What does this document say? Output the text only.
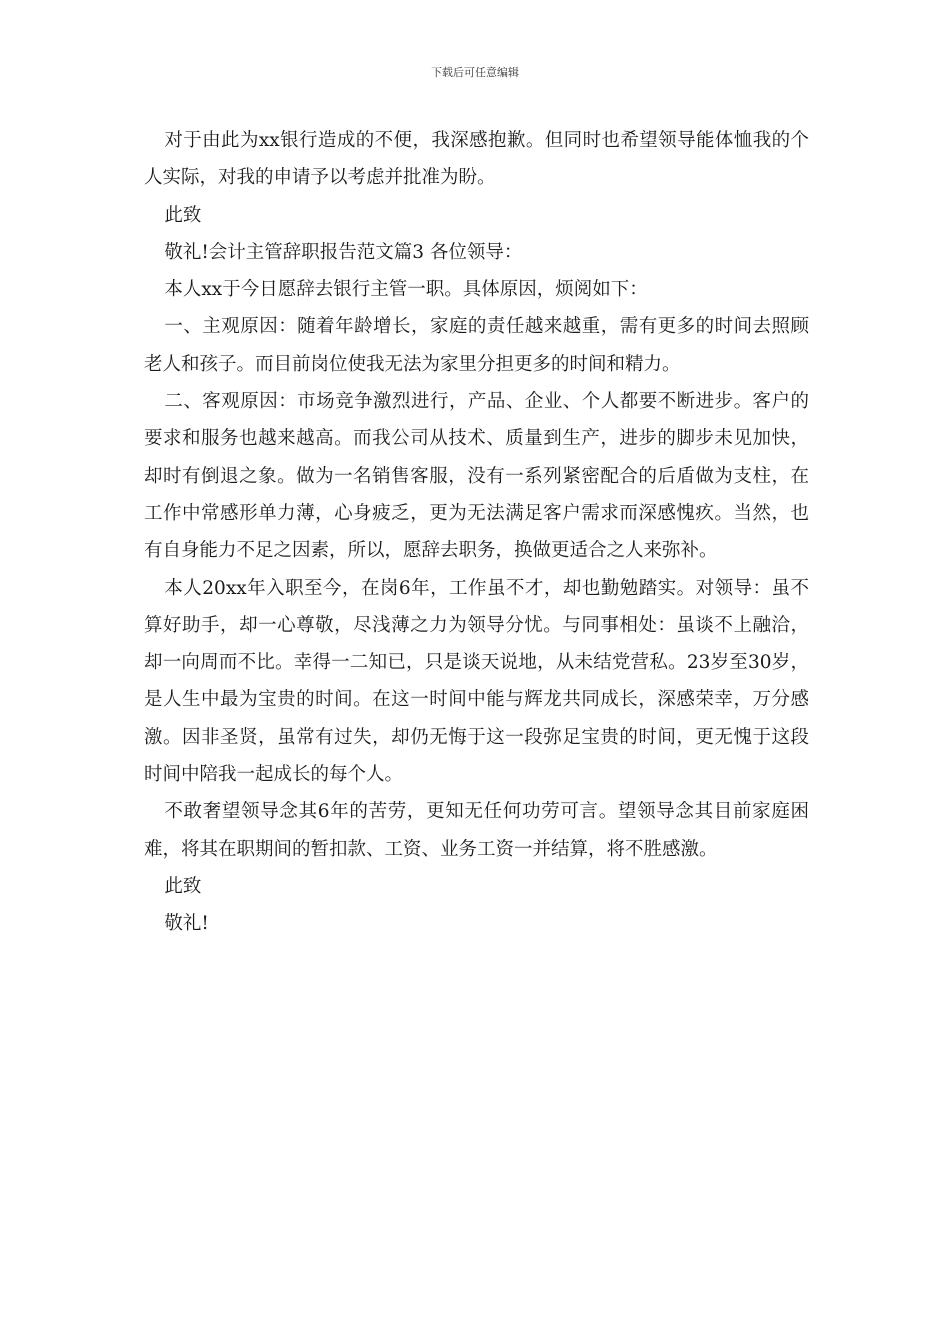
下载后可任意编辑

对于由此为xx银行造成的不便，我深感抱歉。但同时也希望领导能体恤我的个人实际，对我的申请予以考虑并批准为盼。

此致

敬礼!会计主管辞职报告范文篇3 各位领导：

本人xx于今日愿辞去银行主管一职。具体原因，烦阅如下：

一、主观原因：随着年龄增长，家庭的责任越来越重，需有更多的时间去照顾老人和孩子。而目前岗位使我无法为家里分担更多的时间和精力。

二、客观原因：市场竞争激烈进行，产品、企业、个人都要不断进步。客户的要求和服务也越来越高。而我公司从技术、质量到生产，进步的脚步未见加快，却时有倒退之象。做为一名销售客服，没有一系列紧密配合的后盾做为支柱，在工作中常感形单力薄，心身疲乏，更为无法满足客户需求而深感愧疚。当然，也有自身能力不足之因素，所以，愿辞去职务，换做更适合之人来弥补。

本人20xx年入职至今，在岗6年，工作虽不才，却也勤勉踏实。对领导：虽不算好助手，却一心尊敬，尽浅薄之力为领导分忧。与同事相处：虽谈不上融洽，却一向周而不比。幸得一二知已，只是谈天说地，从未结党营私。23岁至30岁，是人生中最为宝贵的时间。在这一时间中能与辉龙共同成长，深感荣幸，万分感激。因非圣贤，虽常有过失，却仍无悔于这一段弥足宝贵的时间，更无愧于这段时间中陪我一起成长的每个人。

不敢奢望领导念其6年的苦劳，更知无任何功劳可言。望领导念其目前家庭困难，将其在职期间的暂扣款、工资、业务工资一并结算，将不胜感激。

此致

敬礼!
